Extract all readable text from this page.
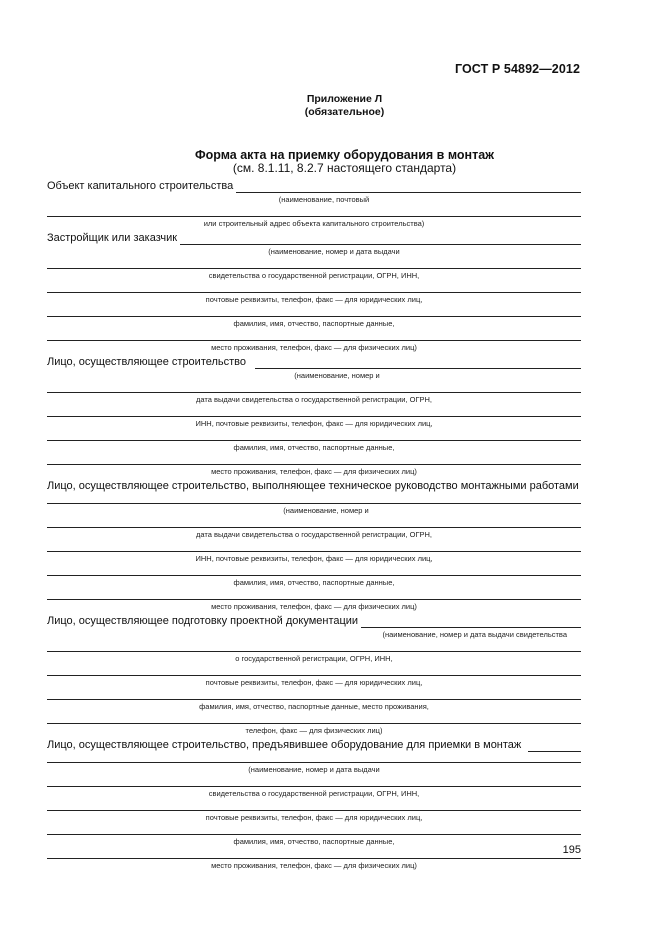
ГОСТ Р 54892—2012
Приложение Л
(обязательное)
Форма акта на приемку оборудования в монтаж
(см. 8.1.11, 8.2.7 настоящего стандарта)
Объект капитального строительства
(наименование, почтовый
или строительный адрес объекта капитального строительства)
Застройщик или заказчик
(наименование, номер и дата выдачи
свидетельства о государственной регистрации, ОГРН, ИНН,
почтовые реквизиты, телефон, факс — для юридических лиц,
фамилия, имя, отчество, паспортные данные,
место проживания, телефон, факс — для физических лиц)
Лицо, осуществляющее строительство
(наименование, номер и
дата выдачи свидетельства о государственной регистрации, ОГРН,
ИНН, почтовые реквизиты, телефон, факс — для юридических лиц,
фамилия, имя, отчество, паспортные данные,
место проживания, телефон, факс — для физических лиц)
Лицо, осуществляющее строительство, выполняющее техническое руководство монтажными работами
(наименование, номер и
дата выдачи свидетельства о государственной регистрации, ОГРН,
ИНН, почтовые реквизиты, телефон, факс — для юридических лиц,
фамилия, имя, отчество, паспортные данные,
место проживания, телефон, факс — для физических лиц)
Лицо, осуществляющее подготовку проектной документации
(наименование, номер и дата выдачи свидетельства
о государственной регистрации, ОГРН, ИНН,
почтовые реквизиты, телефон, факс — для юридических лиц,
фамилия, имя, отчество, паспортные данные, место проживания,
телефон, факс — для физических лиц)
Лицо, осуществляющее строительство, предъявившее оборудование для приемки в монтаж
(наименование, номер и дата выдачи
свидетельства о государственной регистрации, ОГРН, ИНН,
почтовые реквизиты, телефон, факс — для юридических лиц,
фамилия, имя, отчество, паспортные данные,
место проживания, телефон, факс — для физических лиц)
195
